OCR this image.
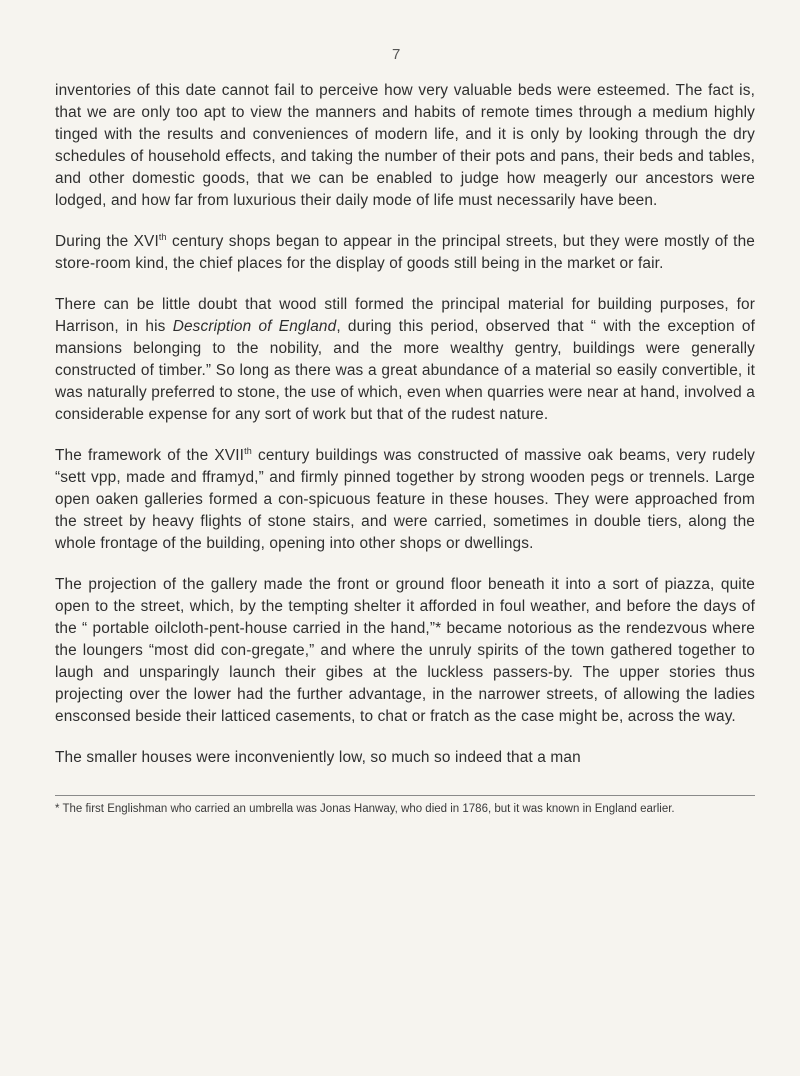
7

inventories of this date cannot fail to perceive how very valuable beds were esteemed. The fact is, that we are only too apt to view the manners and habits of remote times through a medium highly tinged with the results and conveniences of modern life, and it is only by looking through the dry schedules of household effects, and taking the number of their pots and pans, their beds and tables, and other domestic goods, that we can be enabled to judge how meagerly our ancestors were lodged, and how far from luxurious their daily mode of life must necessarily have been.

During the XVIth century shops began to appear in the principal streets, but they were mostly of the store-room kind, the chief places for the display of goods still being in the market or fair.

There can be little doubt that wood still formed the principal material for building purposes, for Harrison, in his Description of England, during this period, observed that “ with the exception of mansions belonging to the nobility, and the more wealthy gentry, buildings were generally constructed of timber.” So long as there was a great abundance of a material so easily convertible, it was naturally preferred to stone, the use of which, even when quarries were near at hand, involved a considerable expense for any sort of work but that of the rudest nature.

The framework of the XVIIth century buildings was constructed of massive oak beams, very rudely “sett vpp, made and fframyd,” and firmly pinned together by strong wooden pegs or trennels. Large open oaken galleries formed a con-spicuous feature in these houses. They were approached from the street by heavy flights of stone stairs, and were carried, sometimes in double tiers, along the whole frontage of the building, opening into other shops or dwellings.

The projection of the gallery made the front or ground floor beneath it into a sort of piazza, quite open to the street, which, by the tempting shelter it afforded in foul weather, and before the days of the “ portable oilcloth-pent-house carried in the hand,”* became notorious as the rendezvous where the loungers “most did con-gregate,” and where the unruly spirits of the town gathered together to laugh and unsparingly launch their gibes at the luckless passers-by. The upper stories thus projecting over the lower had the further advantage, in the narrower streets, of allowing the ladies ensconsed beside their latticed casements, to chat or fratch as the case might be, across the way.

The smaller houses were inconveniently low, so much so indeed that a man

* The first Englishman who carried an umbrella was Jonas Hanway, who died in 1786, but it was known in England earlier.
